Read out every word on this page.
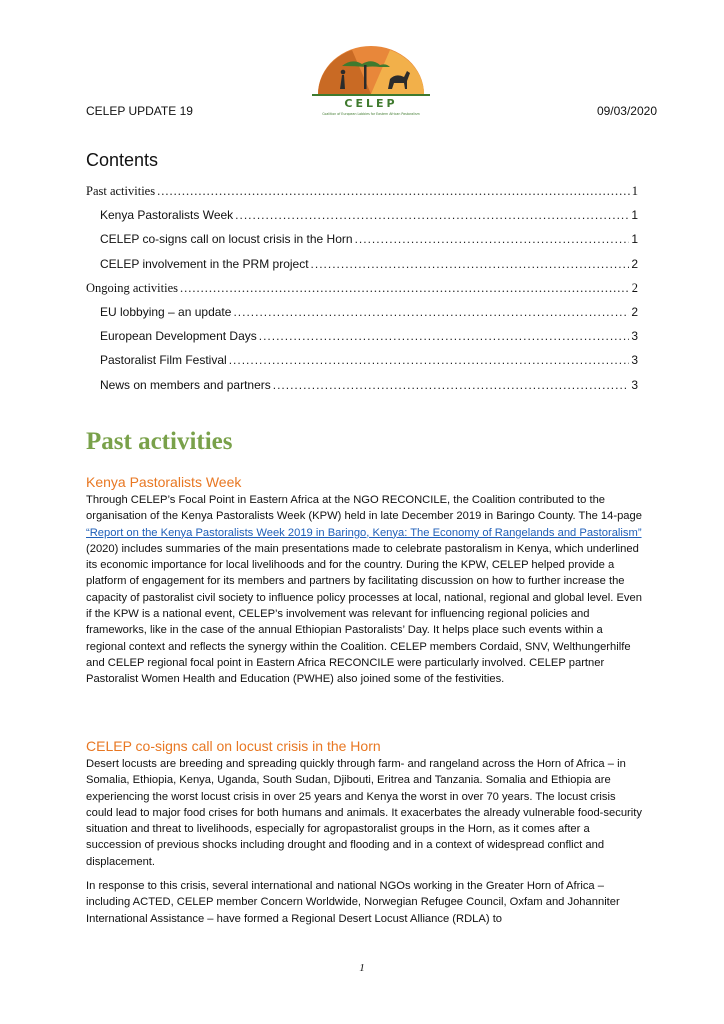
CELEP
Coalition of European Lobbies for Eastern African Pastoralism
CELEP UPDATE 19	09/03/2020
Contents
Past activities .....	1
Kenya Pastoralists Week .....	1
CELEP co-signs call on locust crisis in the Horn .....	1
CELEP involvement in the PRM project .....	2
Ongoing activities .....	2
EU lobbying – an update .....	2
European Development Days .....	3
Pastoralist Film Festival .....	3
News on members and partners .....	3
Past activities
Kenya Pastoralists Week

Through CELEP’s Focal Point in Eastern Africa at the NGO RECONCILE, the Coalition contributed to the organisation of the Kenya Pastoralists Week (KPW) held in late December 2019 in Baringo County. The 14-page “Report on the Kenya Pastoralists Week 2019 in Baringo, Kenya: The Economy of Rangelands and Pastoralism” (2020) includes summaries of the main presentations made to celebrate pastoralism in Kenya, which underlined its economic importance for local livelihoods and for the country. During the KPW, CELEP helped provide a platform of engagement for its members and partners by facilitating discussion on how to further increase the capacity of pastoralist civil society to influence policy processes at local, national, regional and global level. Even if the KPW is a national event, CELEP’s involvement was relevant for influencing regional policies and frameworks, like in the case of the annual Ethiopian Pastoralists’ Day. It helps place such events within a regional context and reflects the synergy within the Coalition. CELEP members Cordaid, SNV, Welthungerhilfe and CELEP regional focal point in Eastern Africa RECONCILE were particularly involved. CELEP partner Pastoralist Women Health and Education (PWHE) also joined some of the festivities.

CELEP co-signs call on locust crisis in the Horn

Desert locusts are breeding and spreading quickly through farm- and rangeland across the Horn of Africa – in Somalia, Ethiopia, Kenya, Uganda, South Sudan, Djibouti, Eritrea and Tanzania. Somalia and Ethiopia are experiencing the worst locust crisis in over 25 years and Kenya the worst in over 70 years. The locust crisis could lead to major food crises for both humans and animals. It exacerbates the already vulnerable food-security situation and threat to livelihoods, especially for agropastoralist groups in the Horn, as it comes after a succession of previous shocks including drought and flooding and in a context of widespread conflict and displacement.

In response to this crisis, several international and national NGOs working in the Greater Horn of Africa – including ACTED, CELEP member Concern Worldwide, Norwegian Refugee Council, Oxfam and Johanniter International Assistance – have formed a Regional Desert Locust Alliance (RDLA) to

1
